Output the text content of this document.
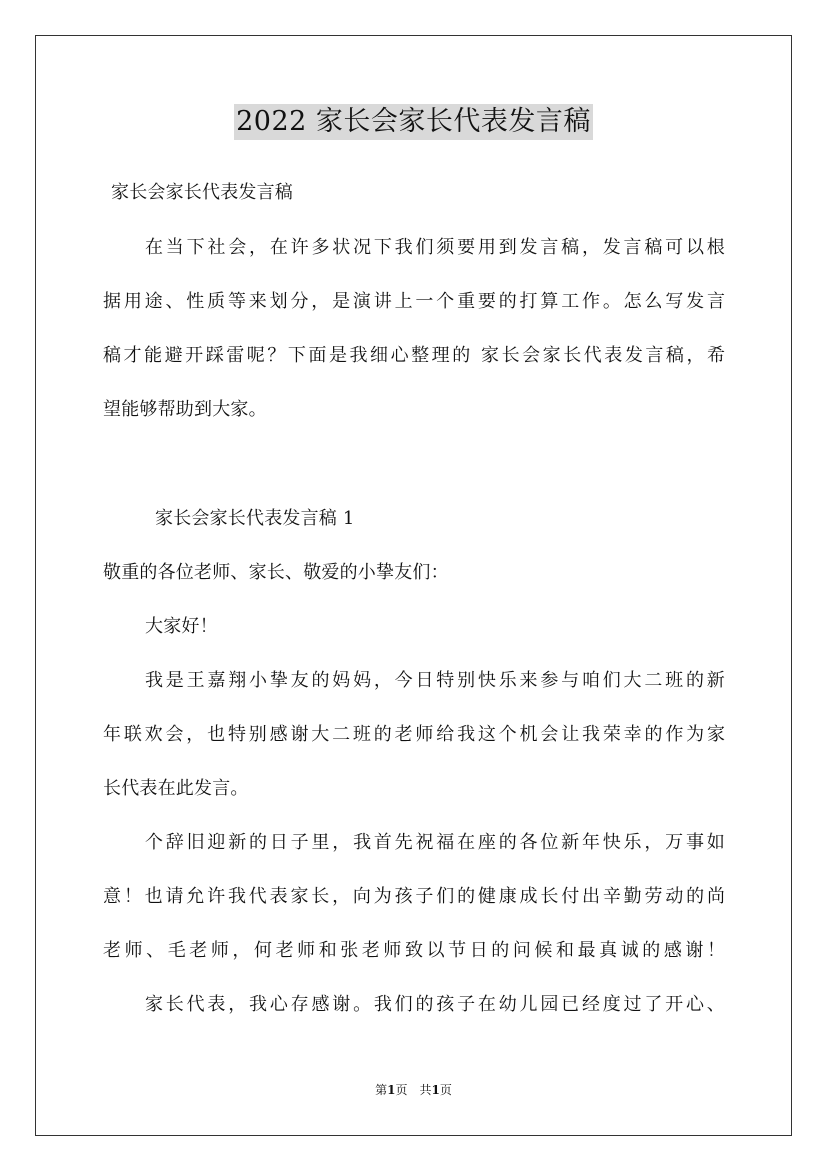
2022 家长会家长代表发言稿
家长会家长代表发言稿
在当下社会，在许多状况下我们须要用到发言稿，发言稿可以根
据用途、性质等来划分，是演讲上一个重要的打算工作。怎么写发言
稿才能避开踩雷呢？下面是我细心整理的 家长会家长代表发言稿，希
望能够帮助到大家。
家长会家长代表发言稿 1
敬重的各位老师、家长、敬爱的小挚友们：
大家好！
我是王嘉翔小挚友的妈妈，今日特别快乐来参与咱们大二班的新
年联欢会，也特别感谢大二班的老师给我这个机会让我荣幸的作为家
长代表在此发言。
个辞旧迎新的日子里，我首先祝福在座的各位新年快乐，万事如
意！也请允许我代表家长，向为孩子们的健康成长付出辛勤劳动的尚
老师、毛老师，何老师和张老师致以节日的问候和最真诚的感谢！
家长代表，我心存感谢。我们的孩子在幼儿园已经度过了开心、
第1页　共1页
